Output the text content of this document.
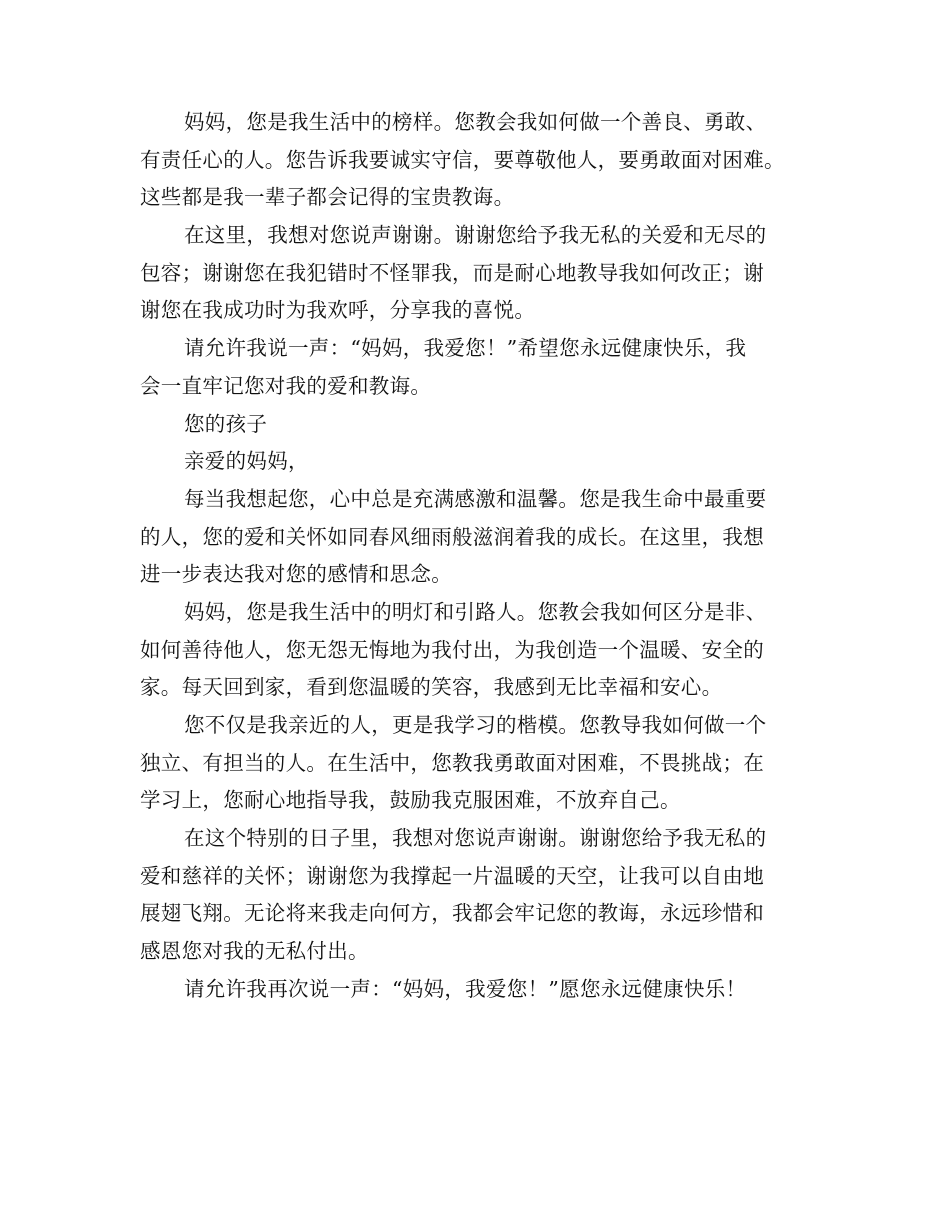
妈妈，您是我生活中的榜样。您教会我如何做一个善良、勇敢、
有责任心的人。您告诉我要诚实守信，要尊敬他人，要勇敢面对困难。
这些都是我一辈子都会记得的宝贵教诲。
在这里，我想对您说声谢谢。谢谢您给予我无私的关爱和无尽的
包容；谢谢您在我犯错时不怪罪我，而是耐心地教导我如何改正；谢
谢您在我成功时为我欢呼，分享我的喜悦。
请允许我说一声：“妈妈，我爱您！”希望您永远健康快乐，我
会一直牢记您对我的爱和教诲。
您的孩子
亲爱的妈妈，
每当我想起您，心中总是充满感激和温馨。您是我生命中最重要
的人，您的爱和关怀如同春风细雨般滋润着我的成长。在这里，我想
进一步表达我对您的感情和思念。
妈妈，您是我生活中的明灯和引路人。您教会我如何区分是非、
如何善待他人，您无怨无悔地为我付出，为我创造一个温暖、安全的
家。每天回到家，看到您温暖的笑容，我感到无比幸福和安心。
您不仅是我亲近的人，更是我学习的楷模。您教导我如何做一个
独立、有担当的人。在生活中，您教我勇敢面对困难，不畏挑战；在
学习上，您耐心地指导我，鼓励我克服困难，不放弃自己。
在这个特别的日子里，我想对您说声谢谢。谢谢您给予我无私的
爱和慈祥的关怀；谢谢您为我撑起一片温暖的天空，让我可以自由地
展翅飞翔。无论将来我走向何方，我都会牢记您的教诲，永远珍惜和
感恩您对我的无私付出。
请允许我再次说一声：“妈妈，我爱您！”愿您永远健康快乐！
